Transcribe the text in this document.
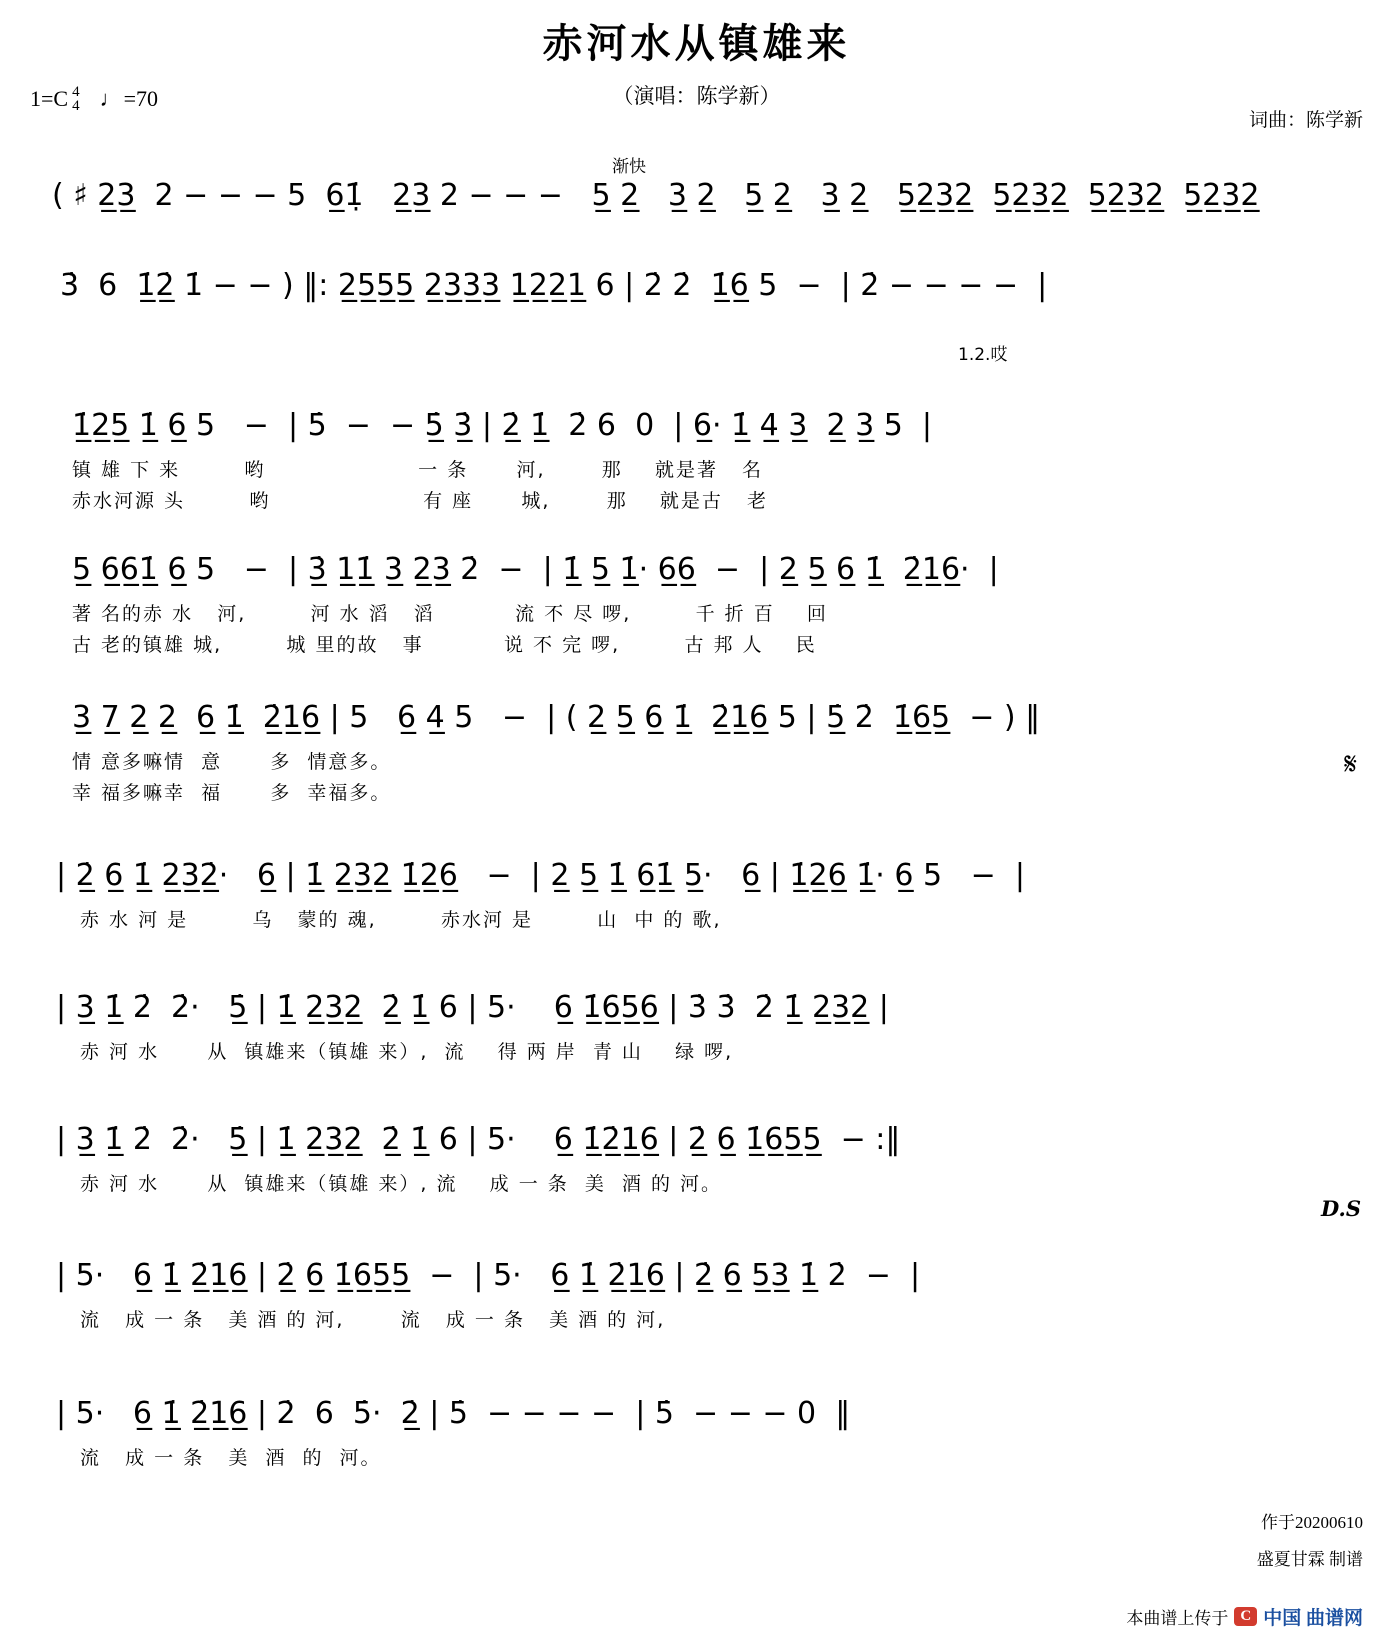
赤河水从镇雄来
（演唱：陈学新）
1=C 4
4 ♩ =70
词曲：陈学新
( ♯ 2̲3̲  2 − − − 5  6̲1̣̇   2̲3̲ 2 − − −   5̲ 2̲   3̲ 2̲   5̲ 2̲   3̲ 2̲   5̲2̲3̲2̲  5̲2̲3̲2̲  5̲2̲3̲2̲  5̲2̲3̲2̲
渐快
3̇  6  1̲̇2̲̇ 1̇ − − ) ‖: 2̲5̲5̲5̲ 2̲3̲3̲3̲ 1̲2̲2̲1̲ 6 | 2̇ 2̇  1̲̇6̲ 5  −  | 2̇ − − − −  |
1.2.哎
1̲̇2̲5̲ 1̲̇ 6̲ 5   −  | 5̇  −  − 5̲̇ 3̲̇ | 2̲̇ 1̲̇  2̇ 6  0  | 6̲· 1̲̇ 4̲ 3̲  2̲ 3̲ 5  |
镇 雄 下 来        哟                   一 条      河,       那    就是著   名
赤水河源 头        哟                   有 座      城,       那    就是古   老
5̲ 6̲6̲1̲̇ 6̲ 5   −  | 3̲̇ 1̲1̲̇ 3̲ 2̲3̲ 2̇  −  | 1̲̇ 5̲ 1̲̇· 6̲6̲  −  | 2̲ 5̲ 6̲ 1̲̇  2̲̇1̲6̲·  |
著 名的赤 水   河,        河 水 滔   滔          流 不 尽 啰,        千 折 百    回
古 老的镇雄 城,        城 里的故   事          说 不 完 啰,        古 邦 人    民
3̲ 7̲ 2̲ 2̲  6̲ 1̲̇  2̲̇1̲6̲ | 5   6̲ 4̲ 5   −  | ( 2̲ 5̲ 6̲ 1̲̇  2̲̇1̲6̲ 5 | 5̲̇ 2̇  1̲̇6̲5̲  − ) ‖
情 意多嘛情  意      多  情意多。
幸 福多嘛幸  福      多  幸福多。
𝄋
| 2̲̇ 6̲ 1̲̇ 2̲3̲2̲̇·   6̲ | 1̲̇ 2̲3̲2̲ 1̲̇2̲6̲   −  | 2̲ 5̲ 1̲̇ 6̲1̲̇ 5̲·   6̲ | 1̲̇2̲6̲ 1̲̇· 6̲ 5   −  |
赤 水 河 是        乌   蒙的 魂,        赤水河 是        山  中 的 歌,
| 3̲ 1̲̇ 2̇  2̇·   5̲̇ | 1̲̇ 2̲3̲2̲  2̲̇ 1̲̇ 6 | 5·    6̲ 1̲̇6̲5̲6̲ | 3̇ 3̇  2̇ 1̲̇ 2̲3̲2̲ |
赤 河 水      从  镇雄来（镇雄 来）,  流    得 两 岸  青 山    绿 啰,
| 3̲ 1̲̇ 2̇  2̇·   5̲̇ | 1̲̇ 2̲3̲2̲  2̲̇ 1̲̇ 6 | 5·    6̲ 1̲̇2̲̇1̲6̲ | 2̲̇ 6̲ 1̲̇6̲5̲5̲  − :‖
赤 河 水      从  镇雄来（镇雄 来）, 流    成 一 条  美  酒 的 河。
D.S
| 5·   6̲ 1̲̇ 2̲̇1̲6̲ | 2̲̇ 6̲ 1̲̇6̲5̲5̲  −  | 5·   6̲ 1̲̇ 2̲̇1̲6̲ | 2̲̇ 6̲ 5̲3̲ 1̲̇ 2̇  −  |
流   成 一 条   美 酒 的 河,       流   成 一 条   美 酒 的 河,
| 5·   6̲ 1̲̇ 2̲̇1̲6̲ | 2̇  6  5̇·  2̲̇ | 5̇  − − − −  | 5̇  − − − 0  ‖
流   成 一 条   美  酒  的  河。
作于20200610
盛夏甘霖 制谱
本曲谱上传于 C 中国 曲谱网
